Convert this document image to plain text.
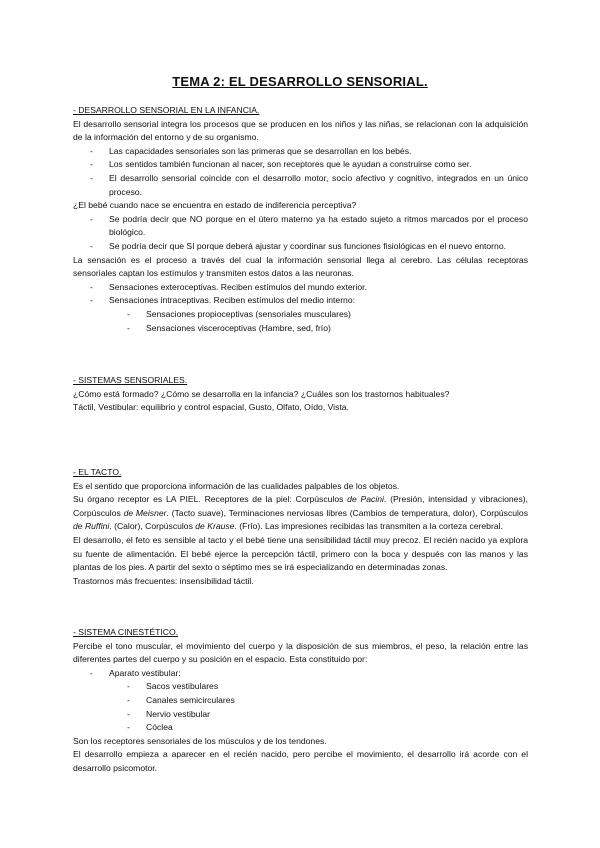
TEMA 2: EL DESARROLLO SENSORIAL.
- DESARROLLO SENSORIAL EN LA INFANCIA.

El desarrollo sensorial integra los procesos que se producen en los niños y las niñas, se relacionan con la adquisición de la información del entorno y de su organismo.

- Las capacidades sensoriales son las primeras que se desarrollan en los bebés.
- Los sentidos también funcionan al nacer, son receptores que le ayudan a construirse como ser.
- El desarrollo sensorial coincide con el desarrollo motor, socio afectivo y cognitivo, integrados en un único proceso.

¿El bebé cuando nace se encuentra en estado de indiferencia perceptiva?

- Se podría decir que NO porque en el útero materno ya ha estado sujeto a ritmos marcados por el proceso biológico.
- Se podría decir que SI porque deberá ajustar y coordinar sus funciones fisiológicas en el nuevo entorno.

La sensación es el proceso a través del cual la información sensorial llega al cerebro. Las células receptoras sensoriales captan los estímulos y transmiten estos datos a las neuronas.

- Sensaciones exteroceptivas. Reciben estímulos del mundo exterior.
- Sensaciones intraceptivas. Reciben estímulos del medio interno:
- Sensaciones propioceptivas (sensoriales musculares)
- Sensaciones visceroceptivas (Hambre, sed, frío)
- SISTEMAS SENSORIALES.

¿Cómo está formado? ¿Cómo se desarrolla en la infancia? ¿Cuáles son los trastornos habituales?

Táctil, Vestibular: equilibrio y control espacial, Gusto, Olfato, Oído, Vista.

- EL TACTO.

Es el sentido que proporciona información de las cualidades palpables de los objetos.

Su órgano receptor es LA PIEL. Receptores de la piel: Corpúsculos de Pacini. (Presión, intensidad y vibraciones), Corpúsculos de Meisner. (Tacto suave), Terminaciones nerviosas libres (Cambios de temperatura, dolor), Corpúsculos de Ruffini. (Calor), Corpúsculos de Krause. (Frío). Las impresiones recibidas las transmiten a la corteza cerebral.

El desarrollo, el feto es sensible al tacto y el bebé tiene una sensibilidad táctil muy precoz. El recién nacido ya explora su fuente de alimentación. El bebé ejerce la percepción táctil, primero con la boca y después con las manos y las plantas de los pies. A partir del sexto o séptimo mes se irá especializando en determinadas zonas.

Trastornos más frecuentes: insensibilidad táctil.

- SISTEMA CINESTÉTICO.

Percibe el tono muscular, el movimiento del cuerpo y la disposición de sus miembros, el peso, la relación entre las diferentes partes del cuerpo y su posición en el espacio. Esta constituido por:

- Aparato vestibular:
- Sacos vestibulares
- Canales semicirculares
- Nervio vestibular
- Cóclea

Son los receptores sensoriales de los músculos y de los tendones.

El desarrollo empieza a aparecer en el recién nacido, pero percibe el movimiento, el desarrollo irá acorde con el desarrollo psicomotor.
